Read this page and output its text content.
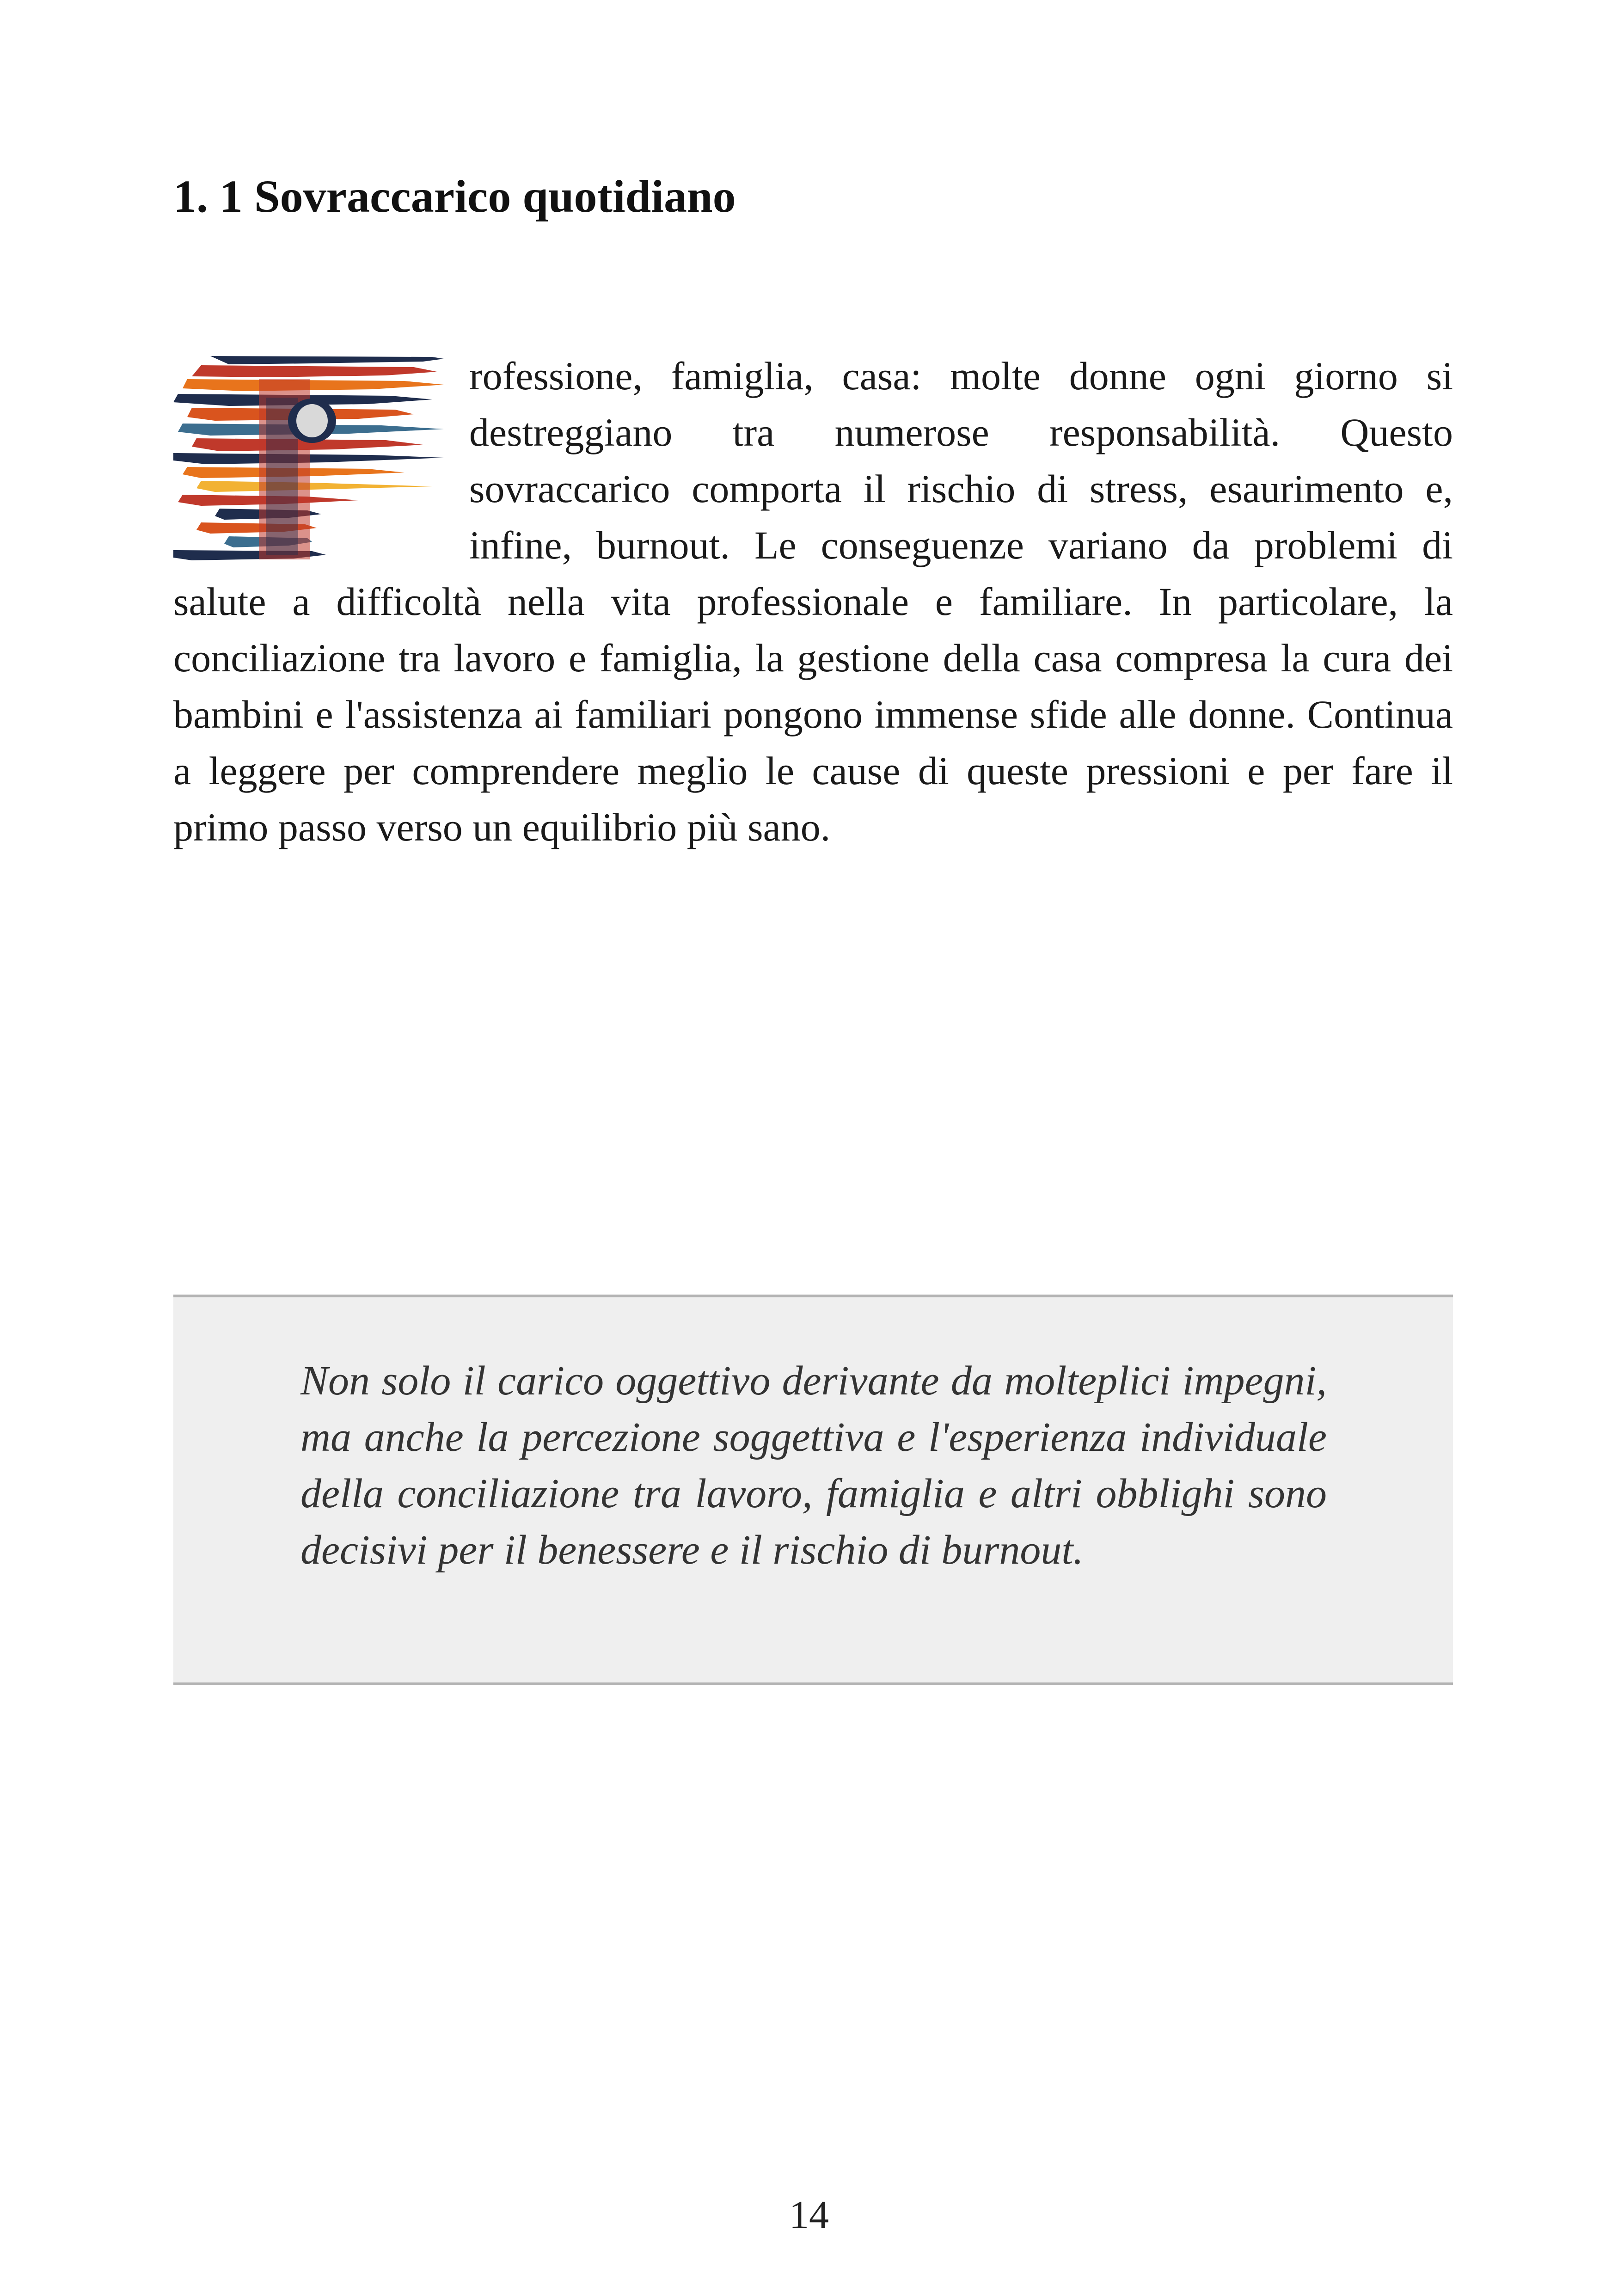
1. 1 Sovraccarico quotidiano

rofessione, famiglia, casa: molte donne ogni giorno si destreggiano tra numerose responsabilità. Questo sovraccarico comporta il rischio di stress, esaurimento e, infine, burnout. Le conseguenze variano da problemi di salute a difficoltà nella vita professionale e familiare. In particolare, la conciliazione tra lavoro e famiglia, la gestione della casa compresa la cura dei bambini e l'assistenza ai familiari pongono immense sfide alle donne. Continua a leggere per comprendere meglio le cause di queste pressioni e per fare il primo passo verso un equilibrio più sano.

Non solo il carico oggettivo derivante da molteplici impegni, ma anche la percezione soggettiva e l'esperienza individuale della conciliazione tra lavoro, famiglia e altri obblighi sono decisivi per il benessere e il rischio di burnout.

14
